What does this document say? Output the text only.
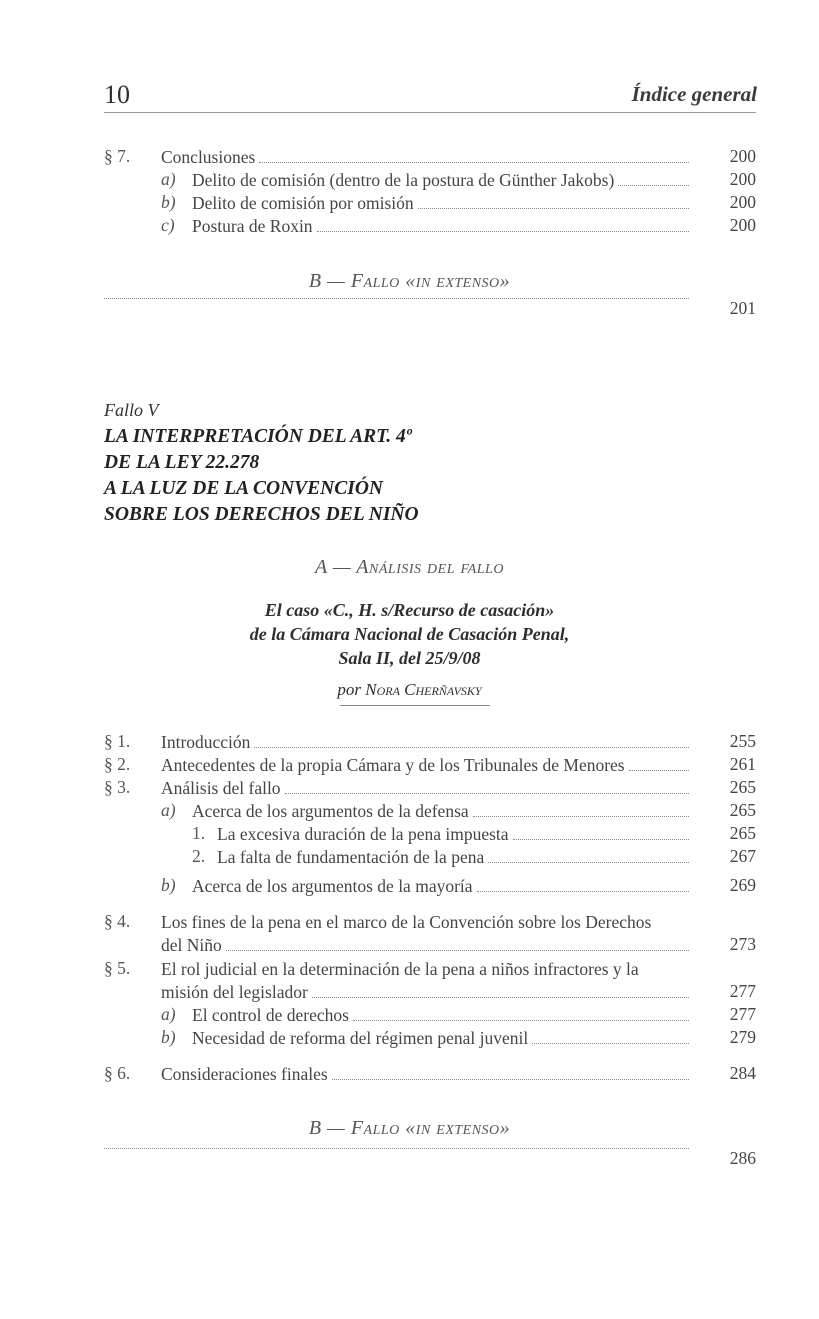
10	Índice general
§ 7. Conclusiones	200
a) Delito de comisión (dentro de la postura de Günther Jakobs)	200
b) Delito de comisión por omisión	200
c) Postura de Roxin	200
B — Fallo «in extenso»
201
Fallo V
LA INTERPRETACIÓN DEL ART. 4º
DE LA LEY 22.278
A LA LUZ DE LA CONVENCIÓN
SOBRE LOS DERECHOS DEL NIÑO
A — Análisis del fallo
El caso «C., H. s/Recurso de casación»
de la Cámara Nacional de Casación Penal,
Sala II, del 25/9/08
por Nora Cherñavsky
§ 1. Introducción	255
§ 2. Antecedentes de la propia Cámara y de los Tribunales de Menores	261
§ 3. Análisis del fallo	265
a) Acerca de los argumentos de la defensa	265
1. La excesiva duración de la pena impuesta	265
2. La falta de fundamentación de la pena	267
b) Acerca de los argumentos de la mayoría	269
§ 4. Los fines de la pena en el marco de la Convención sobre los Derechos
del Niño	273
§ 5. El rol judicial en la determinación de la pena a niños infractores y la
misión del legislador	277
a) El control de derechos	277
b) Necesidad de reforma del régimen penal juvenil	279
§ 6. Consideraciones finales	284
B — Fallo «in extenso»
286
